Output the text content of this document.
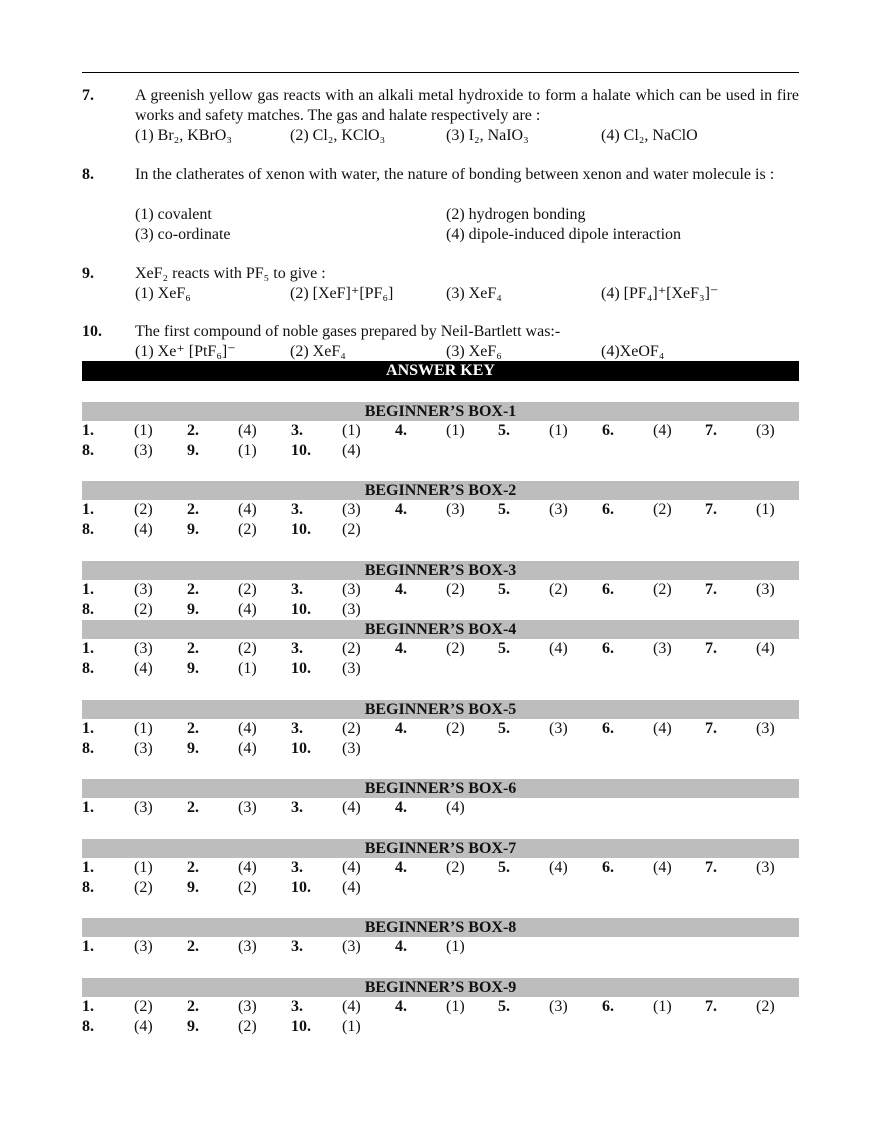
7.	A greenish yellow gas reacts with an alkali metal hydroxide to form a halate which can be used in fire works and safety matches. The gas and halate respectively are :
(1) Br₂, KBrO₃	(2) Cl₂, KClO₃	(3) I₂, NaIO₃	(4) Cl₂, NaClO
8.	In the clatherates of xenon with water, the nature of bonding between xenon and water molecule is :
(1) covalent	(2) hydrogen bonding
(3) co-ordinate	(4) dipole-induced dipole interaction
9.	XeF₂ reacts with PF₅ to give :
(1) XeF₆	(2) [XeF]⁺[PF₆]	(3) XeF₄	(4) [PF₄]⁺[XeF₃]⁻
10. The first compound of noble gases prepared by Neil-Bartlett was:-
(1) Xe⁺ [PtF₆]⁻	(2) XeF₄	(3) XeF₆	(4)XeOF₄
ANSWER KEY
BEGINNER’S BOX-1
1.	(1) 2. (4) 3. (1) 4. (1) 5. (1) 6. (4) 7. (3)
8.	(3) 9. (1) 10. (4)
BEGINNER’S BOX-2
1.	(2) 2. (4) 3. (3) 4. (3) 5. (3) 6. (2) 7. (1)
8.	(4) 9. (2) 10. (2)
BEGINNER’S BOX-3
1.	(3) 2. (2) 3. (3) 4. (2) 5. (2) 6. (2) 7. (3)
8.	(2) 9. (4) 10. (3)
BEGINNER’S BOX-4
1.	(3) 2. (2) 3. (2) 4. (2) 5. (4) 6. (3) 7. (4)
8.	(4) 9. (1) 10. (3)
BEGINNER’S BOX-5
1.	(1) 2. (4) 3. (2) 4. (2) 5. (3) 6. (4) 7. (3)
8.	(3) 9. (4) 10. (3)
BEGINNER’S BOX-6
1.	(3) 2. (3) 3. (4) 4. (4)
BEGINNER’S BOX-7
1.	(1) 2. (4) 3. (4) 4. (2) 5. (4) 6. (4) 7. (3)
8.	(2) 9. (2) 10. (4)
BEGINNER’S BOX-8
1.	(3) 2. (3) 3. (3) 4. (1)
BEGINNER’S BOX-9
1.	(2) 2. (3) 3. (4) 4. (1) 5. (3) 6. (1) 7. (2)
8.	(4) 9. (2) 10. (1)
